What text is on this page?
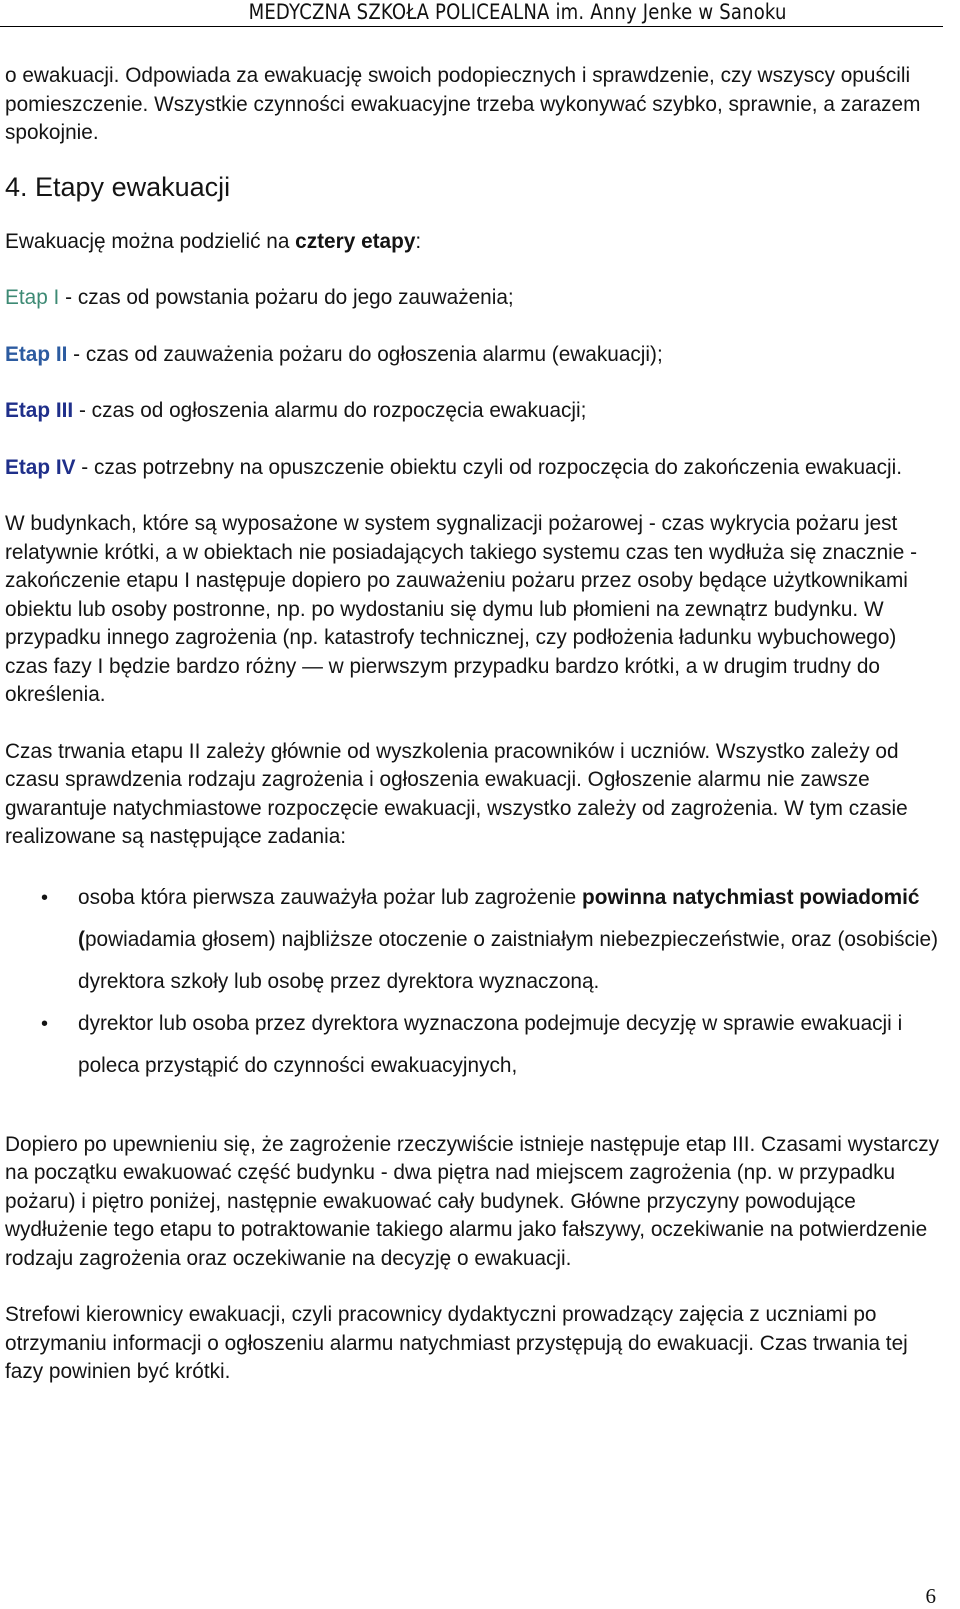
MEDYCZNA SZKOŁA POLICEALNA im. Anny Jenke w Sanoku

o ewakuacji. Odpowiada za ewakuację swoich podopiecznych i sprawdzenie, czy wszyscy opuścili pomieszczenie. Wszystkie czynności ewakuacyjne trzeba wykonywać szybko, sprawnie, a zarazem spokojnie.

4. Etapy ewakuacji

Ewakuację można podzielić na cztery etapy:

Etap I - czas od powstania pożaru do jego zauważenia;

Etap II - czas od zauważenia pożaru do ogłoszenia alarmu (ewakuacji);

Etap III - czas od ogłoszenia alarmu do rozpoczęcia ewakuacji;

Etap IV - czas potrzebny na opuszczenie obiektu czyli od rozpoczęcia do zakończenia ewakuacji.

W budynkach, które są wyposażone w system sygnalizacji pożarowej - czas wykrycia pożaru jest relatywnie krótki, a w obiektach nie posiadających takiego systemu czas ten wydłuża się znacznie - zakończenie etapu I następuje dopiero po zauważeniu pożaru przez osoby będące użytkownikami obiektu lub osoby postronne, np. po wydostaniu się dymu lub płomieni na zewnątrz budynku. W przypadku innego zagrożenia (np. katastrofy technicznej, czy podłożenia ładunku wybuchowego) czas fazy I będzie bardzo różny — w pierwszym przypadku bardzo krótki, a w drugim trudny do określenia.

Czas trwania etapu II zależy głównie od wyszkolenia pracowników i uczniów. Wszystko zależy od czasu sprawdzenia rodzaju zagrożenia i ogłoszenia ewakuacji. Ogłoszenie alarmu nie zawsze gwarantuje natychmiastowe rozpoczęcie ewakuacji, wszystko zależy od zagrożenia. W tym czasie realizowane są następujące zadania:

• osoba która pierwsza zauważyła pożar lub zagrożenie powinna natychmiast powiadomić (powiadamia głosem) najbliższe otoczenie o zaistniałym niebezpieczeństwie, oraz (osobiście) dyrektora szkoły lub osobę przez dyrektora wyznaczoną.
• dyrektor lub osoba przez dyrektora wyznaczona podejmuje decyzję w sprawie ewakuacji i poleca przystąpić do czynności ewakuacyjnych,

Dopiero po upewnieniu się, że zagrożenie rzeczywiście istnieje następuje etap III. Czasami wystarczy na początku ewakuować część budynku - dwa piętra nad miejscem zagrożenia (np. w przypadku pożaru) i piętro poniżej, następnie ewakuować cały budynek. Główne przyczyny powodujące wydłużenie tego etapu to potraktowanie takiego alarmu jako fałszywy, oczekiwanie na potwierdzenie rodzaju zagrożenia oraz oczekiwanie na decyzję o ewakuacji.

Strefowi kierownicy ewakuacji, czyli pracownicy dydaktyczni prowadzący zajęcia z uczniami po otrzymaniu informacji o ogłoszeniu alarmu natychmiast przystępują do ewakuacji. Czas trwania tej fazy powinien być krótki.

6
